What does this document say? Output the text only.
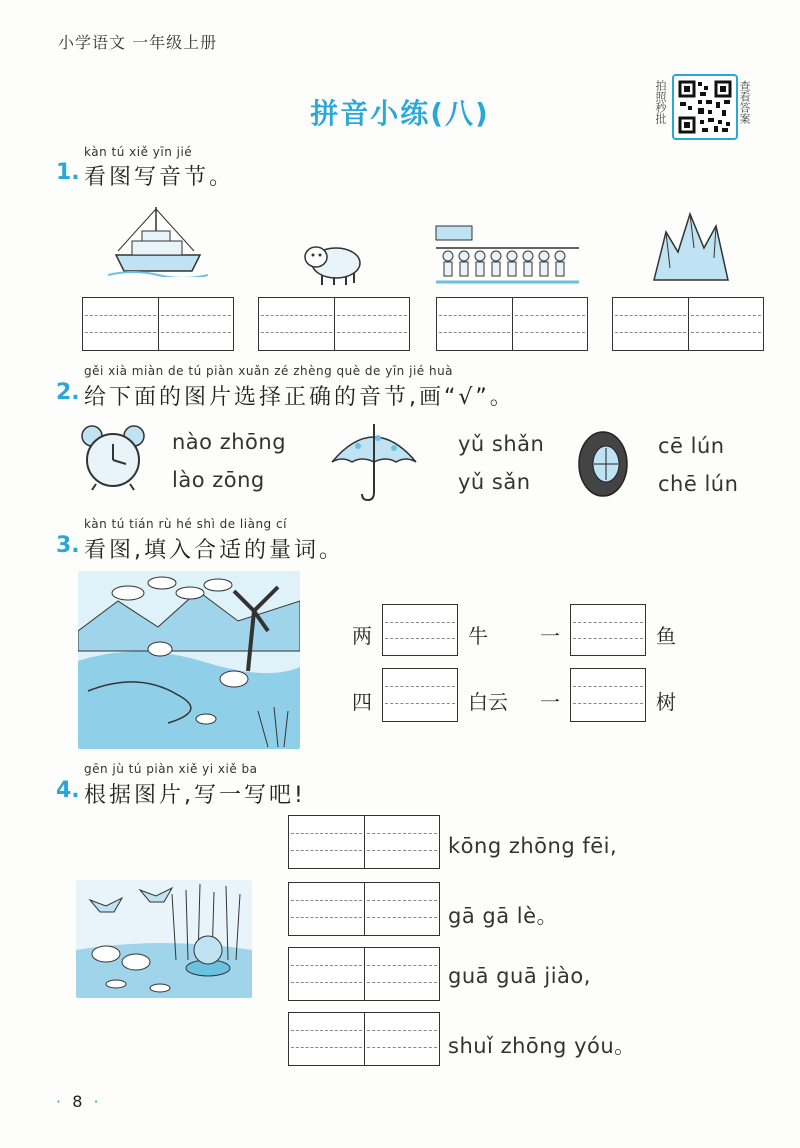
小学语文 一年级上册
拼音小练(八)	拍照秒批	查看答案
kàn tú xiě yīn jié
1. 看图写音节。
gěi xià miàn de tú piàn xuǎn zé zhèng què de yīn jié huà
2. 给下面的图片选择正确的音节,画“√”。
nào zhōng
lào zōng
yǔ shǎn
yǔ sǎn
cē lún
chē lún
kàn tú tián rù hé shì de liàng cí
3. 看图,填入合适的量词。
两	牛	一	鱼
四	白云 一	树
gēn jù tú piàn xiě yi xiě ba
4. 根据图片,写一写吧!
kōng zhōng fēi,
gā gā lè。
guā guā jiào,
shuǐ zhōng yóu。
· 8 ·
